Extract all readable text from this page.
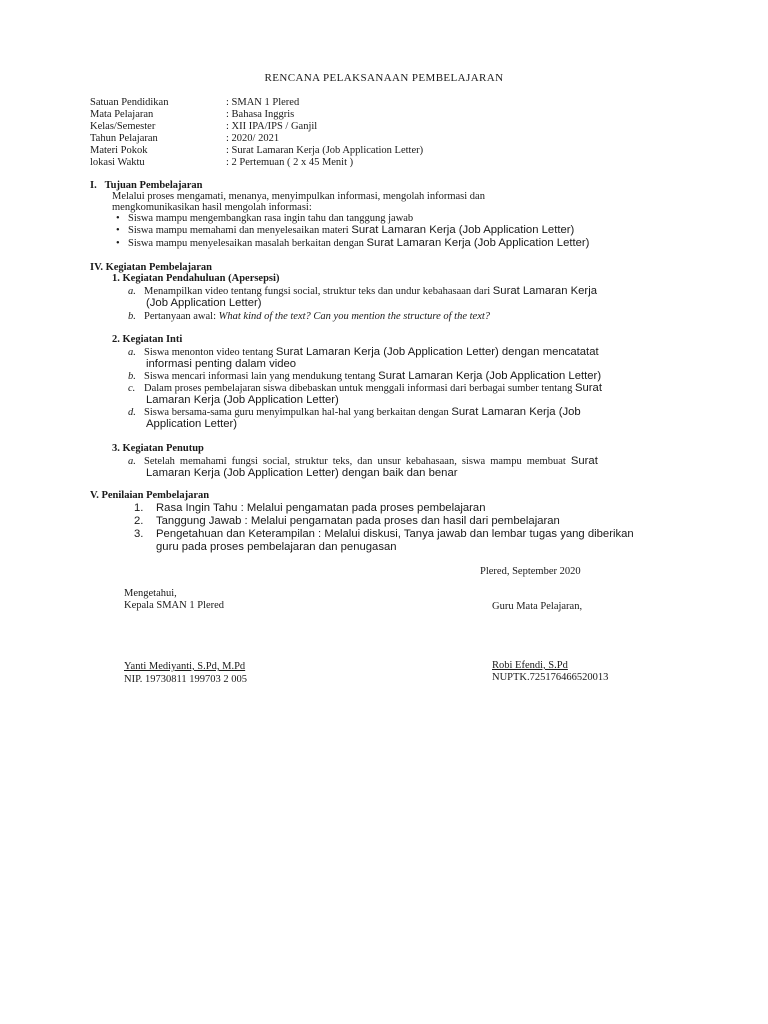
RENCANA PELAKSANAAN PEMBELAJARAN
Satuan Pendidikan	: SMAN 1 Plered
Mata Pelajaran	: Bahasa Inggris
Kelas/Semester	: XII IPA/IPS / Ganjil
Tahun Pelajaran	: 2020/ 2021
Materi Pokok	: Surat Lamaran Kerja (Job Application Letter)
lokasi Waktu	: 2 Pertemuan ( 2 x 45 Menit )
I. Tujuan Pembelajaran
Melalui proses mengamati, menanya, menyimpulkan informasi, mengolah informasi dan
mengkomunikasikan hasil mengolah informasi:
• Siswa mampu mengembangkan rasa ingin tahu dan tanggung jawab
• Siswa mampu memahami dan menyelesaikan materi Surat Lamaran Kerja (Job Application Letter)
• Siswa mampu menyelesaikan masalah berkaitan dengan Surat Lamaran Kerja (Job Application Letter)
IV. Kegiatan Pembelajaran
1. Kegiatan Pendahuluan (Apersepsi)
a. Menampilkan video tentang fungsi social, struktur teks dan undur kebahasaan dari Surat Lamaran Kerja
(Job Application Letter)
b. Pertanyaan awal: What kind of the text? Can you mention the structure of the text?
2. Kegiatan Inti
a. Siswa menonton video tentang Surat Lamaran Kerja (Job Application Letter) dengan mencatatat
informasi penting dalam video
b. Siswa mencari informasi lain yang mendukung tentang Surat Lamaran Kerja (Job Application Letter)
c. Dalam proses pembelajaran siswa dibebaskan untuk menggali informasi dari berbagai sumber tentang Surat
Lamaran Kerja (Job Application Letter)
d. Siswa bersama-sama guru menyimpulkan hal-hal yang berkaitan dengan Surat Lamaran Kerja (Job
Application Letter)
3. Kegiatan Penutup
a. Setelah memahami fungsi social, struktur teks, dan unsur kebahasaan, siswa mampu membuat Surat
Lamaran Kerja (Job Application Letter) dengan baik dan benar
V. Penilaian Pembelajaran
1. Rasa Ingin Tahu : Melalui pengamatan pada proses pembelajaran
2. Tanggung Jawab : Melalui pengamatan pada proses dan hasil dari pembelajaran
3. Pengetahuan dan Keterampilan : Melalui diskusi, Tanya jawab dan lembar tugas yang diberikan
guru pada proses pembelajaran dan penugasan
Plered, September 2020
Mengetahui,
Kepala SMAN 1 Plered	Guru Mata Pelajaran,
Yanti Mediyanti, S.Pd, M.Pd
NIP. 19730811 199703 2 005
Robi Efendi, S.Pd
NUPTK.725176466520013
